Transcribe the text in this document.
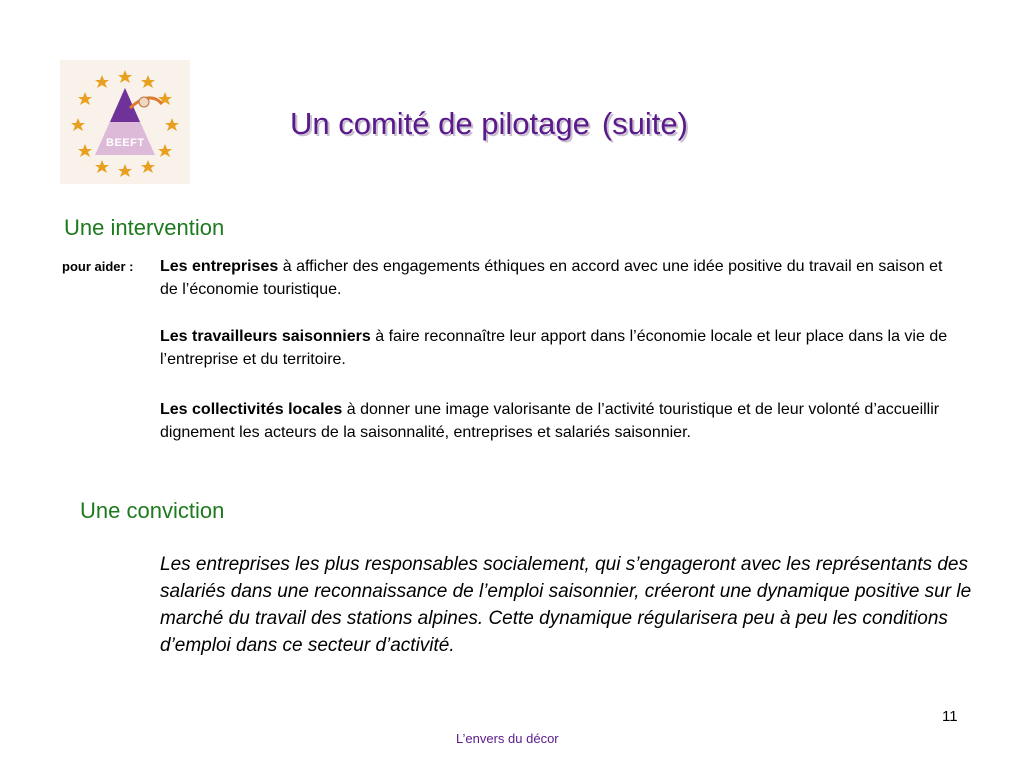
BEEFT
Un comité de pilotage (suite)
Une intervention
pour aider : Les entreprises à afficher des engagements éthiques en accord avec une idée positive du travail en saison et de l’économie touristique.
Les travailleurs saisonniers à faire reconnaître leur apport dans l’économie locale et leur place dans la vie de l’entreprise et du territoire.
Les collectivités locales à donner une image valorisante de l’activité touristique et de leur volonté d’accueillir dignement les acteurs de la saisonnalité, entreprises et salariés saisonnier.
Une conviction
Les entreprises les plus responsables socialement, qui s’engageront avec les représentants des salariés dans une reconnaissance de l’emploi saisonnier, créeront une dynamique positive sur le marché du travail des stations alpines. Cette dynamique régularisera peu à peu les conditions d’emploi dans ce secteur d’activité.
11
L’envers du décor
